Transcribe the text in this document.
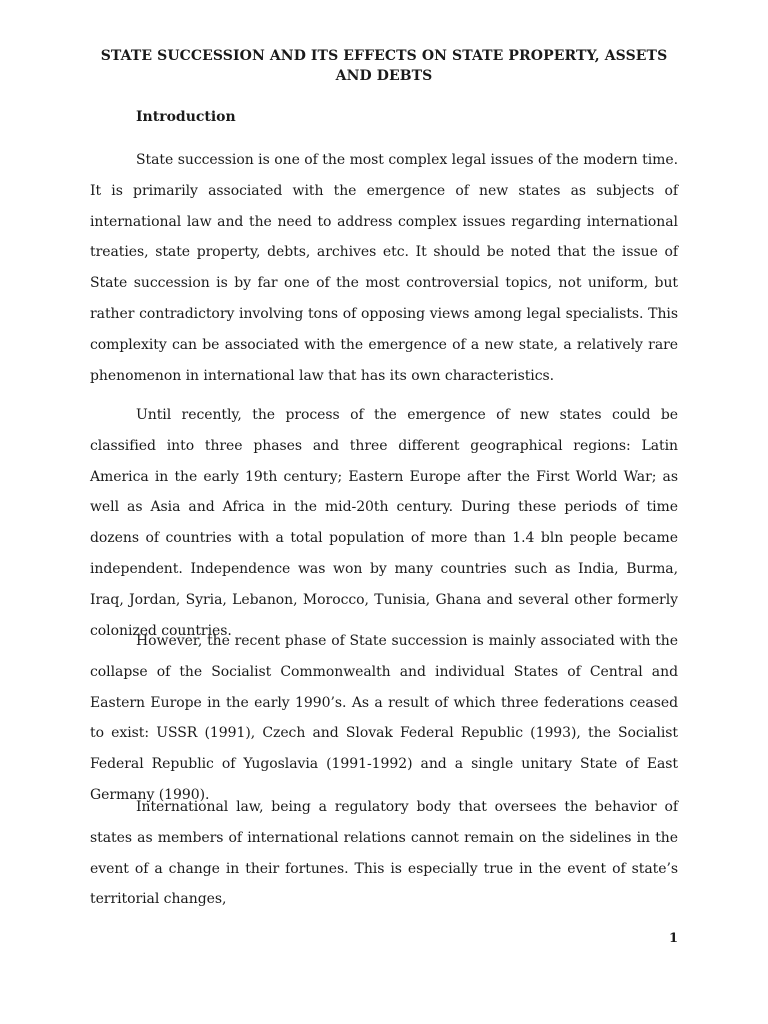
STATE SUCCESSION AND ITS EFFECTS ON STATE PROPERTY, ASSETS AND DEBTS
Introduction

State succession is one of the most complex legal issues of the modern time. It is primarily associated with the emergence of new states as subjects of international law and the need to address complex issues regarding international treaties, state property, debts, archives etc. It should be noted that the issue of State succession is by far one of the most controversial topics, not uniform, but rather contradictory involving tons of opposing views among legal specialists. This complexity can be associated with the emergence of a new state, a relatively rare phenomenon in international law that has its own characteristics.

Until recently, the process of the emergence of new states could be classified into three phases and three different geographical regions: Latin America in the early 19th century; Eastern Europe after the First World War; as well as Asia and Africa in the mid-20th century. During these periods of time dozens of countries with a total population of more than 1.4 bln people became independent. Independence was won by many countries such as India, Burma, Iraq, Jordan, Syria, Lebanon, Morocco, Tunisia, Ghana and several other formerly colonized countries.

However, the recent phase of State succession is mainly associated with the collapse of the Socialist Commonwealth and individual States of Central and Eastern Europe in the early 1990’s. As a result of which three federations ceased to exist: USSR (1991), Czech and Slovak Federal Republic (1993), the Socialist Federal Republic of Yugoslavia (1991-1992) and a single unitary State of East Germany (1990).

International law, being a regulatory body that oversees the behavior of states as members of international relations cannot remain on the sidelines in the event of a change in their fortunes. This is especially true in the event of state’s territorial changes,

1
